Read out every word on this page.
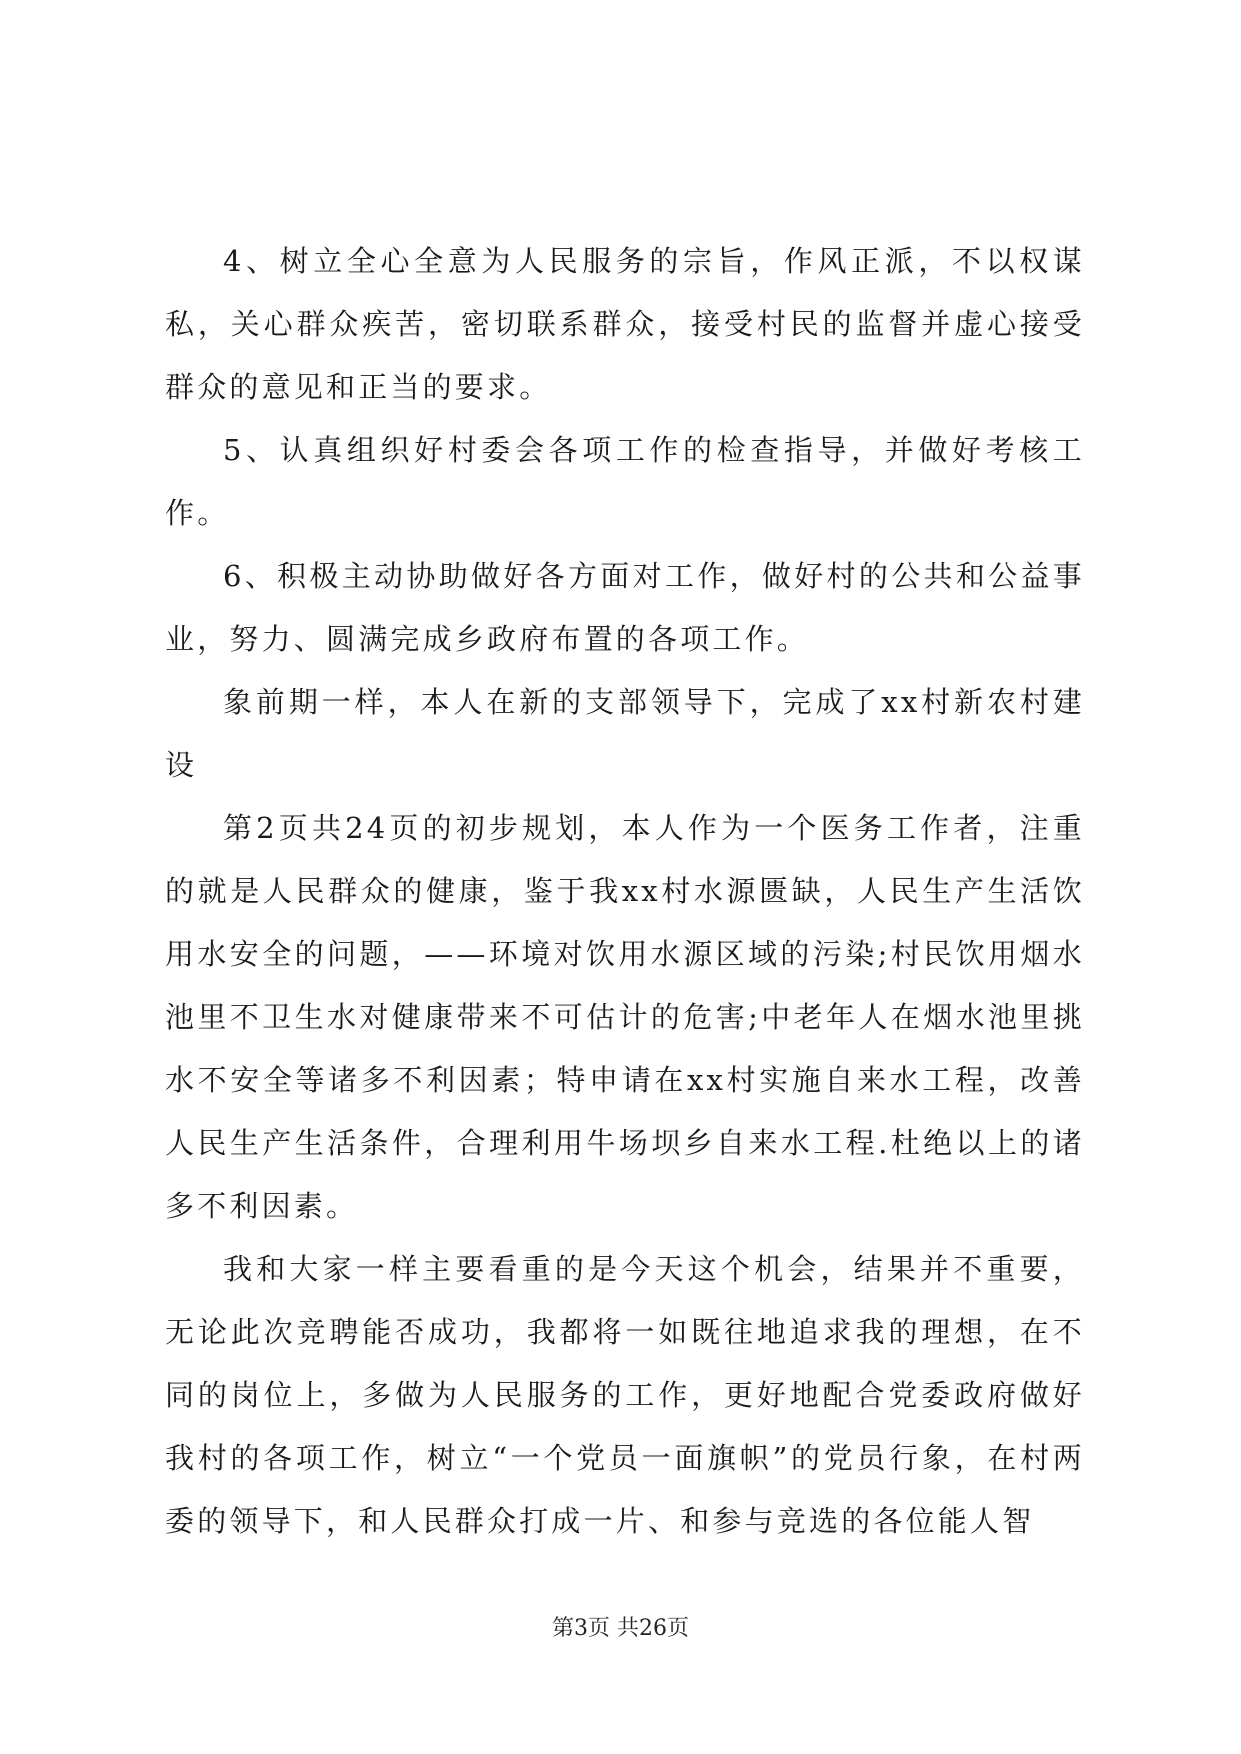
4、树立全心全意为人民服务的宗旨，作风正派，不以权谋私，关心群众疾苦，密切联系群众，接受村民的监督并虚心接受群众的意见和正当的要求。

5、认真组织好村委会各项工作的检查指导，并做好考核工作。

6、积极主动协助做好各方面对工作，做好村的公共和公益事业，努力、圆满完成乡政府布置的各项工作。

象前期一样，本人在新的支部领导下，完成了xx村新农村建设

第2页共24页的初步规划，本人作为一个医务工作者，注重的就是人民群众的健康，鉴于我xx村水源匮缺，人民生产生活饮用水安全的问题，——环境对饮用水源区域的污染;村民饮用烟水池里不卫生水对健康带来不可估计的危害;中老年人在烟水池里挑水不安全等诸多不利因素；特申请在xx村实施自来水工程，改善人民生产生活条件，合理利用牛场坝乡自来水工程.杜绝以上的诸多不利因素。

我和大家一样主要看重的是今天这个机会，结果并不重要，无论此次竞聘能否成功，我都将一如既往地追求我的理想，在不同的岗位上，多做为人民服务的工作，更好地配合党委政府做好我村的各项工作，树立“一个党员一面旗帜”的党员行象，在村两委的领导下，和人民群众打成一片、和参与竞选的各位能人智

第3页 共26页
